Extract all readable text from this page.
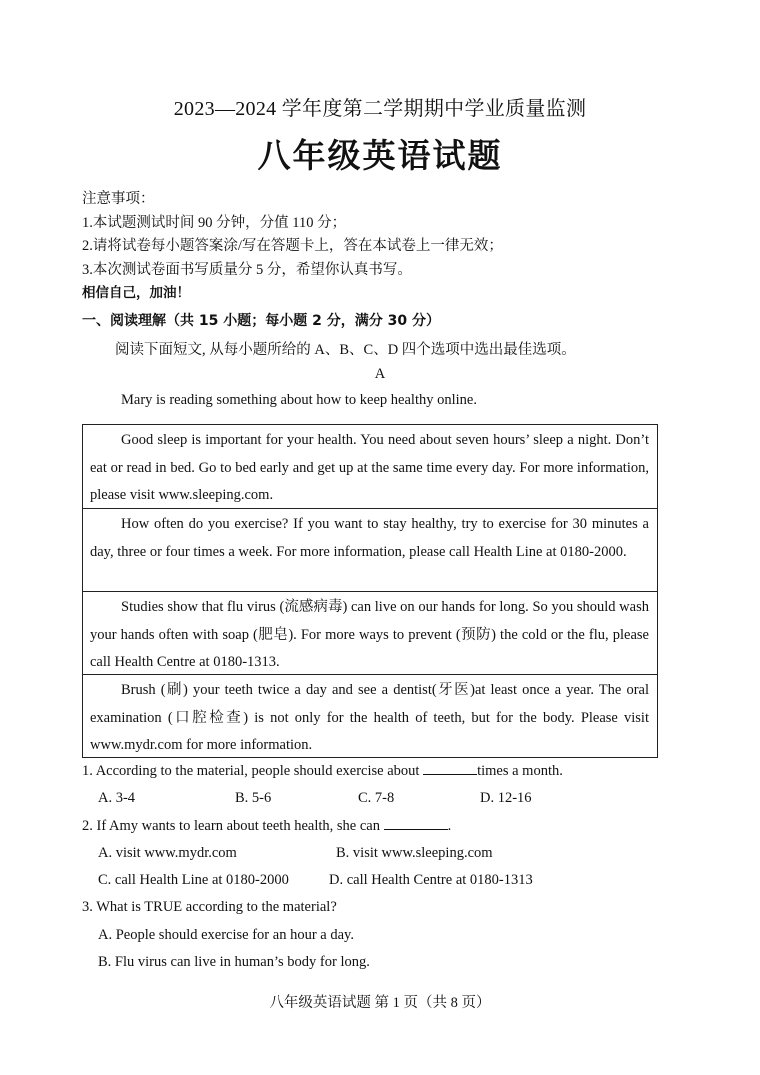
2023—2024 学年度第二学期期中学业质量监测
八年级英语试题
注意事项：
1.本试题测试时间 90 分钟，分值 110 分；
2.请将试卷每小题答案涂/写在答题卡上，答在本试卷上一律无效；
3.本次测试卷面书写质量分 5 分，希望你认真书写。
相信自己，加油！
一、阅读理解（共 15 小题；每小题 2 分，满分 30 分）
阅读下面短文, 从每小题所给的 A、B、C、D 四个选项中选出最佳选项。
A
Mary is reading something about how to keep healthy online.
Good sleep is important for your health. You need about seven hours’ sleep a night. Don’t eat or read in bed. Go to bed early and get up at the same time every day. For more information, please visit www.sleeping.com.
How often do you exercise? If you want to stay healthy, try to exercise for 30 minutes a day, three or four times a week. For more information, please call Health Line at 0180-2000.
Studies show that flu virus (流感病毒) can live on our hands for long. So you should wash your hands often with soap (肥皂). For more ways to prevent (预防) the cold or the flu, please call Health Centre at 0180-1313.
Brush (刷) your teeth twice a day and see a dentist(牙医)at least once a year. The oral examination (口腔检查) is not only for the health of teeth, but for the body. Please visit www.mydr.com for more information.
1. According to the material, people should exercise about	times a month.
A. 3-4	B. 5-6	C. 7-8	D. 12-16
2. If Amy wants to learn about teeth health, she can	.
A. visit www.mydr.com	B. visit www.sleeping.com
C. call Health Line at 0180-2000	D. call Health Centre at 0180-1313
3. What is TRUE according to the material?
A. People should exercise for an hour a day.
B. Flu virus can live in human’s body for long.
八年级英语试题 第 1 页（共 8 页）
